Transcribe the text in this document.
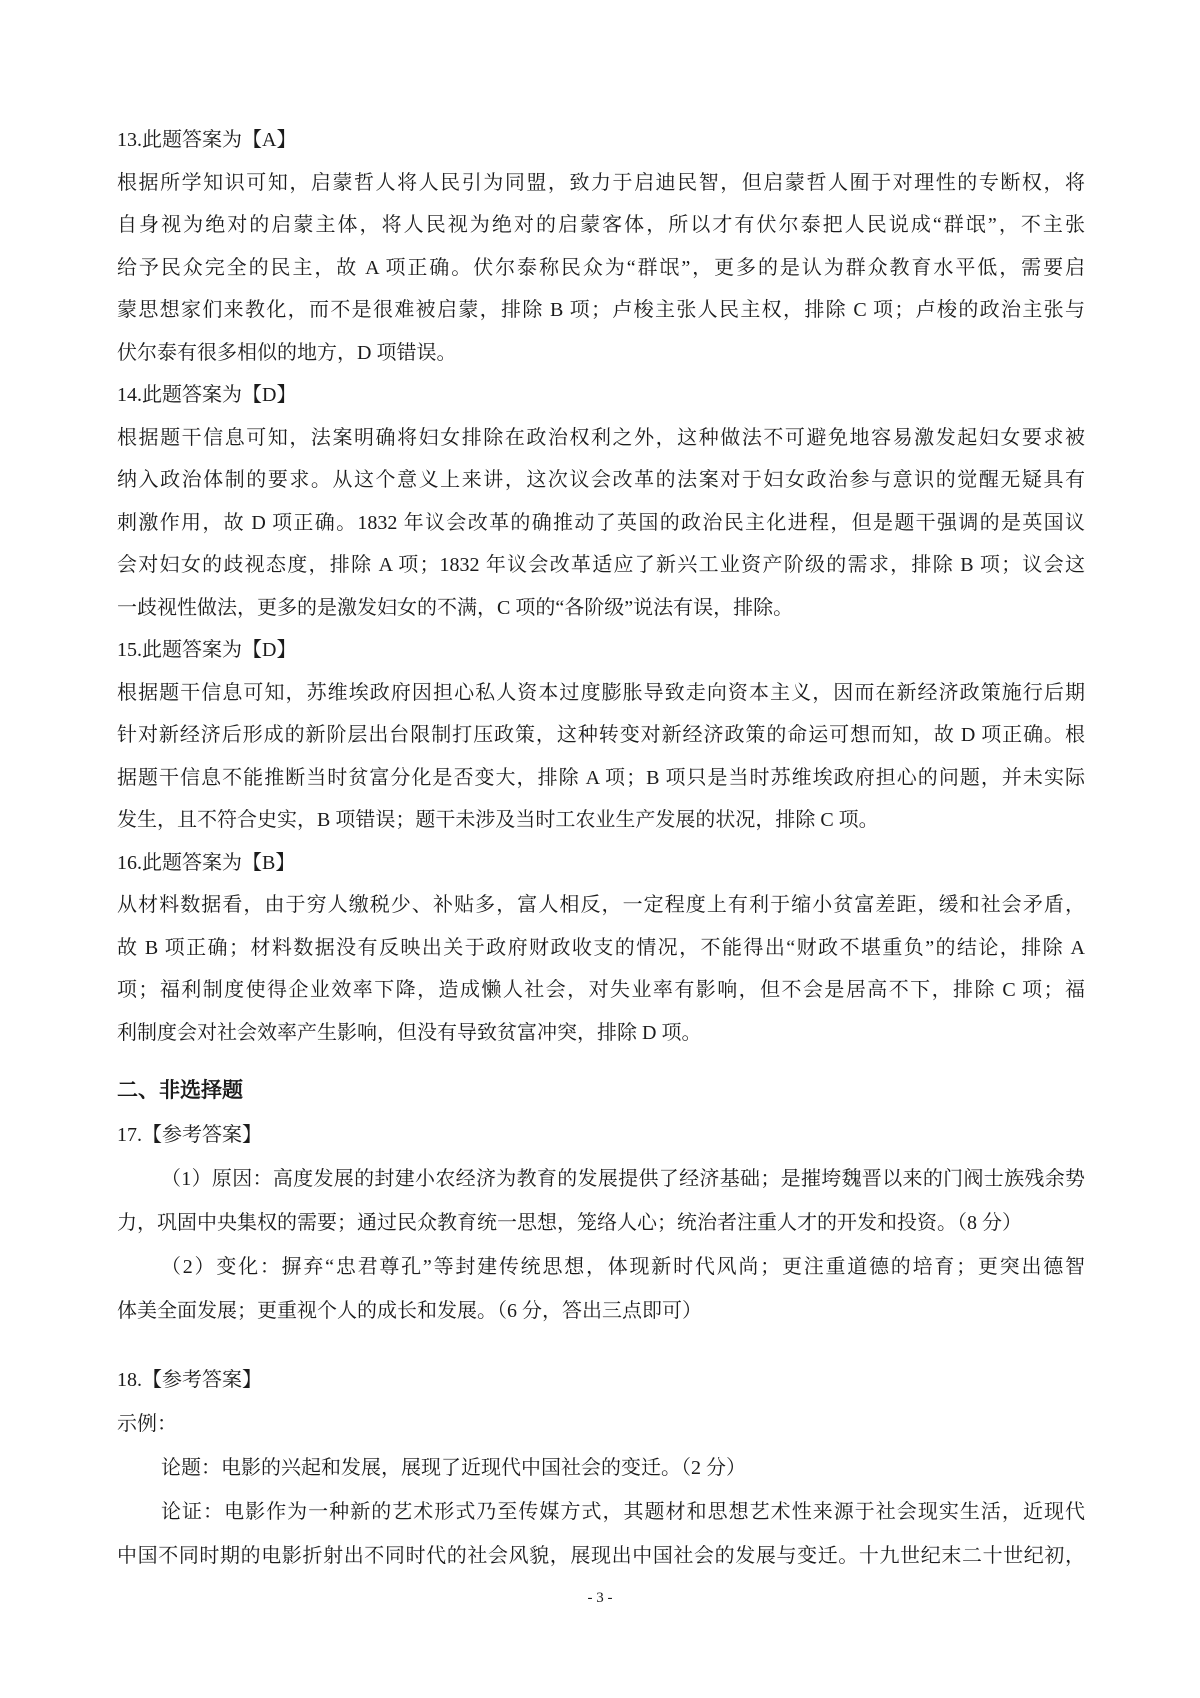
13.此题答案为【A】
根据所学知识可知，启蒙哲人将人民引为同盟，致力于启迪民智，但启蒙哲人囿于对理性的专断权，将
自身视为绝对的启蒙主体，将人民视为绝对的启蒙客体，所以才有伏尔泰把人民说成“群氓”，不主张
给予民众完全的民主，故 A 项正确。伏尔泰称民众为“群氓”，更多的是认为群众教育水平低，需要启
蒙思想家们来教化，而不是很难被启蒙，排除 B 项；卢梭主张人民主权，排除 C 项；卢梭的政治主张与
伏尔泰有很多相似的地方，D 项错误。
14.此题答案为【D】
根据题干信息可知，法案明确将妇女排除在政治权利之外，这种做法不可避免地容易激发起妇女要求被
纳入政治体制的要求。从这个意义上来讲，这次议会改革的法案对于妇女政治参与意识的觉醒无疑具有
刺激作用，故 D 项正确。1832 年议会改革的确推动了英国的政治民主化进程，但是题干强调的是英国议
会对妇女的歧视态度，排除 A 项；1832 年议会改革适应了新兴工业资产阶级的需求，排除 B 项；议会这
一歧视性做法，更多的是激发妇女的不满，C 项的“各阶级”说法有误，排除。
15.此题答案为【D】
根据题干信息可知，苏维埃政府因担心私人资本过度膨胀导致走向资本主义，因而在新经济政策施行后期
针对新经济后形成的新阶层出台限制打压政策，这种转变对新经济政策的命运可想而知，故 D 项正确。根
据题干信息不能推断当时贫富分化是否变大，排除 A 项；B 项只是当时苏维埃政府担心的问题，并未实际
发生，且不符合史实，B 项错误；题干未涉及当时工农业生产发展的状况，排除 C 项。
16.此题答案为【B】
从材料数据看，由于穷人缴税少、补贴多，富人相反，一定程度上有利于缩小贫富差距，缓和社会矛盾，
故 B 项正确；材料数据没有反映出关于政府财政收支的情况，不能得出“财政不堪重负”的结论，排除 A
项；福利制度使得企业效率下降，造成懒人社会，对失业率有影响，但不会是居高不下，排除 C 项；福
利制度会对社会效率产生影响，但没有导致贫富冲突，排除 D 项。
二、非选择题
17.【参考答案】
（1）原因：高度发展的封建小农经济为教育的发展提供了经济基础；是摧垮魏晋以来的门阀士族残余势
力，巩固中央集权的需要；通过民众教育统一思想，笼络人心；统治者注重人才的开发和投资。（8 分）
（2）变化：摒弃“忠君尊孔”等封建传统思想，体现新时代风尚；更注重道德的培育；更突出德智
体美全面发展；更重视个人的成长和发展。（6 分，答出三点即可）
18.【参考答案】
示例：
论题：电影的兴起和发展，展现了近现代中国社会的变迁。（2 分）
论证：电影作为一种新的艺术形式乃至传媒方式，其题材和思想艺术性来源于社会现实生活，近现代
中国不同时期的电影折射出不同时代的社会风貌，展现出中国社会的发展与变迁。十九世纪末二十世纪初，
- 3 -
